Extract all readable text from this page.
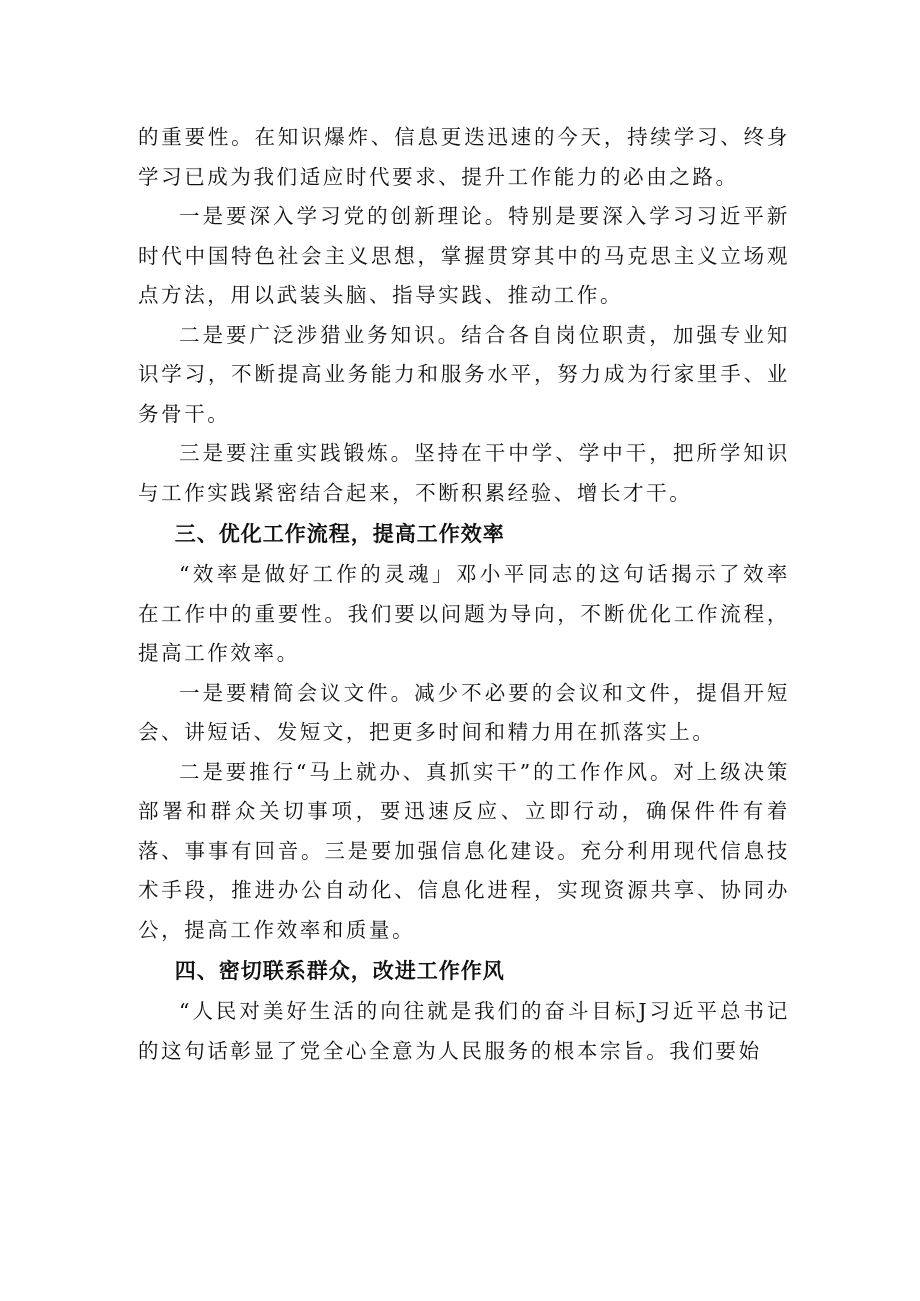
的重要性。在知识爆炸、信息更迭迅速的今天，持续学习、终身学习已成为我们适应时代要求、提升工作能力的必由之路。

一是要深入学习党的创新理论。特别是要深入学习习近平新时代中国特色社会主义思想，掌握贯穿其中的马克思主义立场观点方法，用以武装头脑、指导实践、推动工作。

二是要广泛涉猎业务知识。结合各自岗位职责，加强专业知识学习，不断提高业务能力和服务水平，努力成为行家里手、业务骨干。

三是要注重实践锻炼。坚持在干中学、学中干，把所学知识与工作实践紧密结合起来，不断积累经验、增长才干。

三、优化工作流程，提高工作效率

“效率是做好工作的灵魂」邓小平同志的这句话揭示了效率在工作中的重要性。我们要以问题为导向，不断优化工作流程，提高工作效率。

一是要精简会议文件。减少不必要的会议和文件，提倡开短会、讲短话、发短文，把更多时间和精力用在抓落实上。

二是要推行“马上就办、真抓实干”的工作作风。对上级决策部署和群众关切事项，要迅速反应、立即行动，确保件件有着落、事事有回音。三是要加强信息化建设。充分利用现代信息技术手段，推进办公自动化、信息化进程，实现资源共享、协同办公，提高工作效率和质量。

四、密切联系群众，改进工作作风

“人民对美好生活的向往就是我们的奋斗目标J习近平总书记的这句话彰显了党全心全意为人民服务的根本宗旨。我们要始
